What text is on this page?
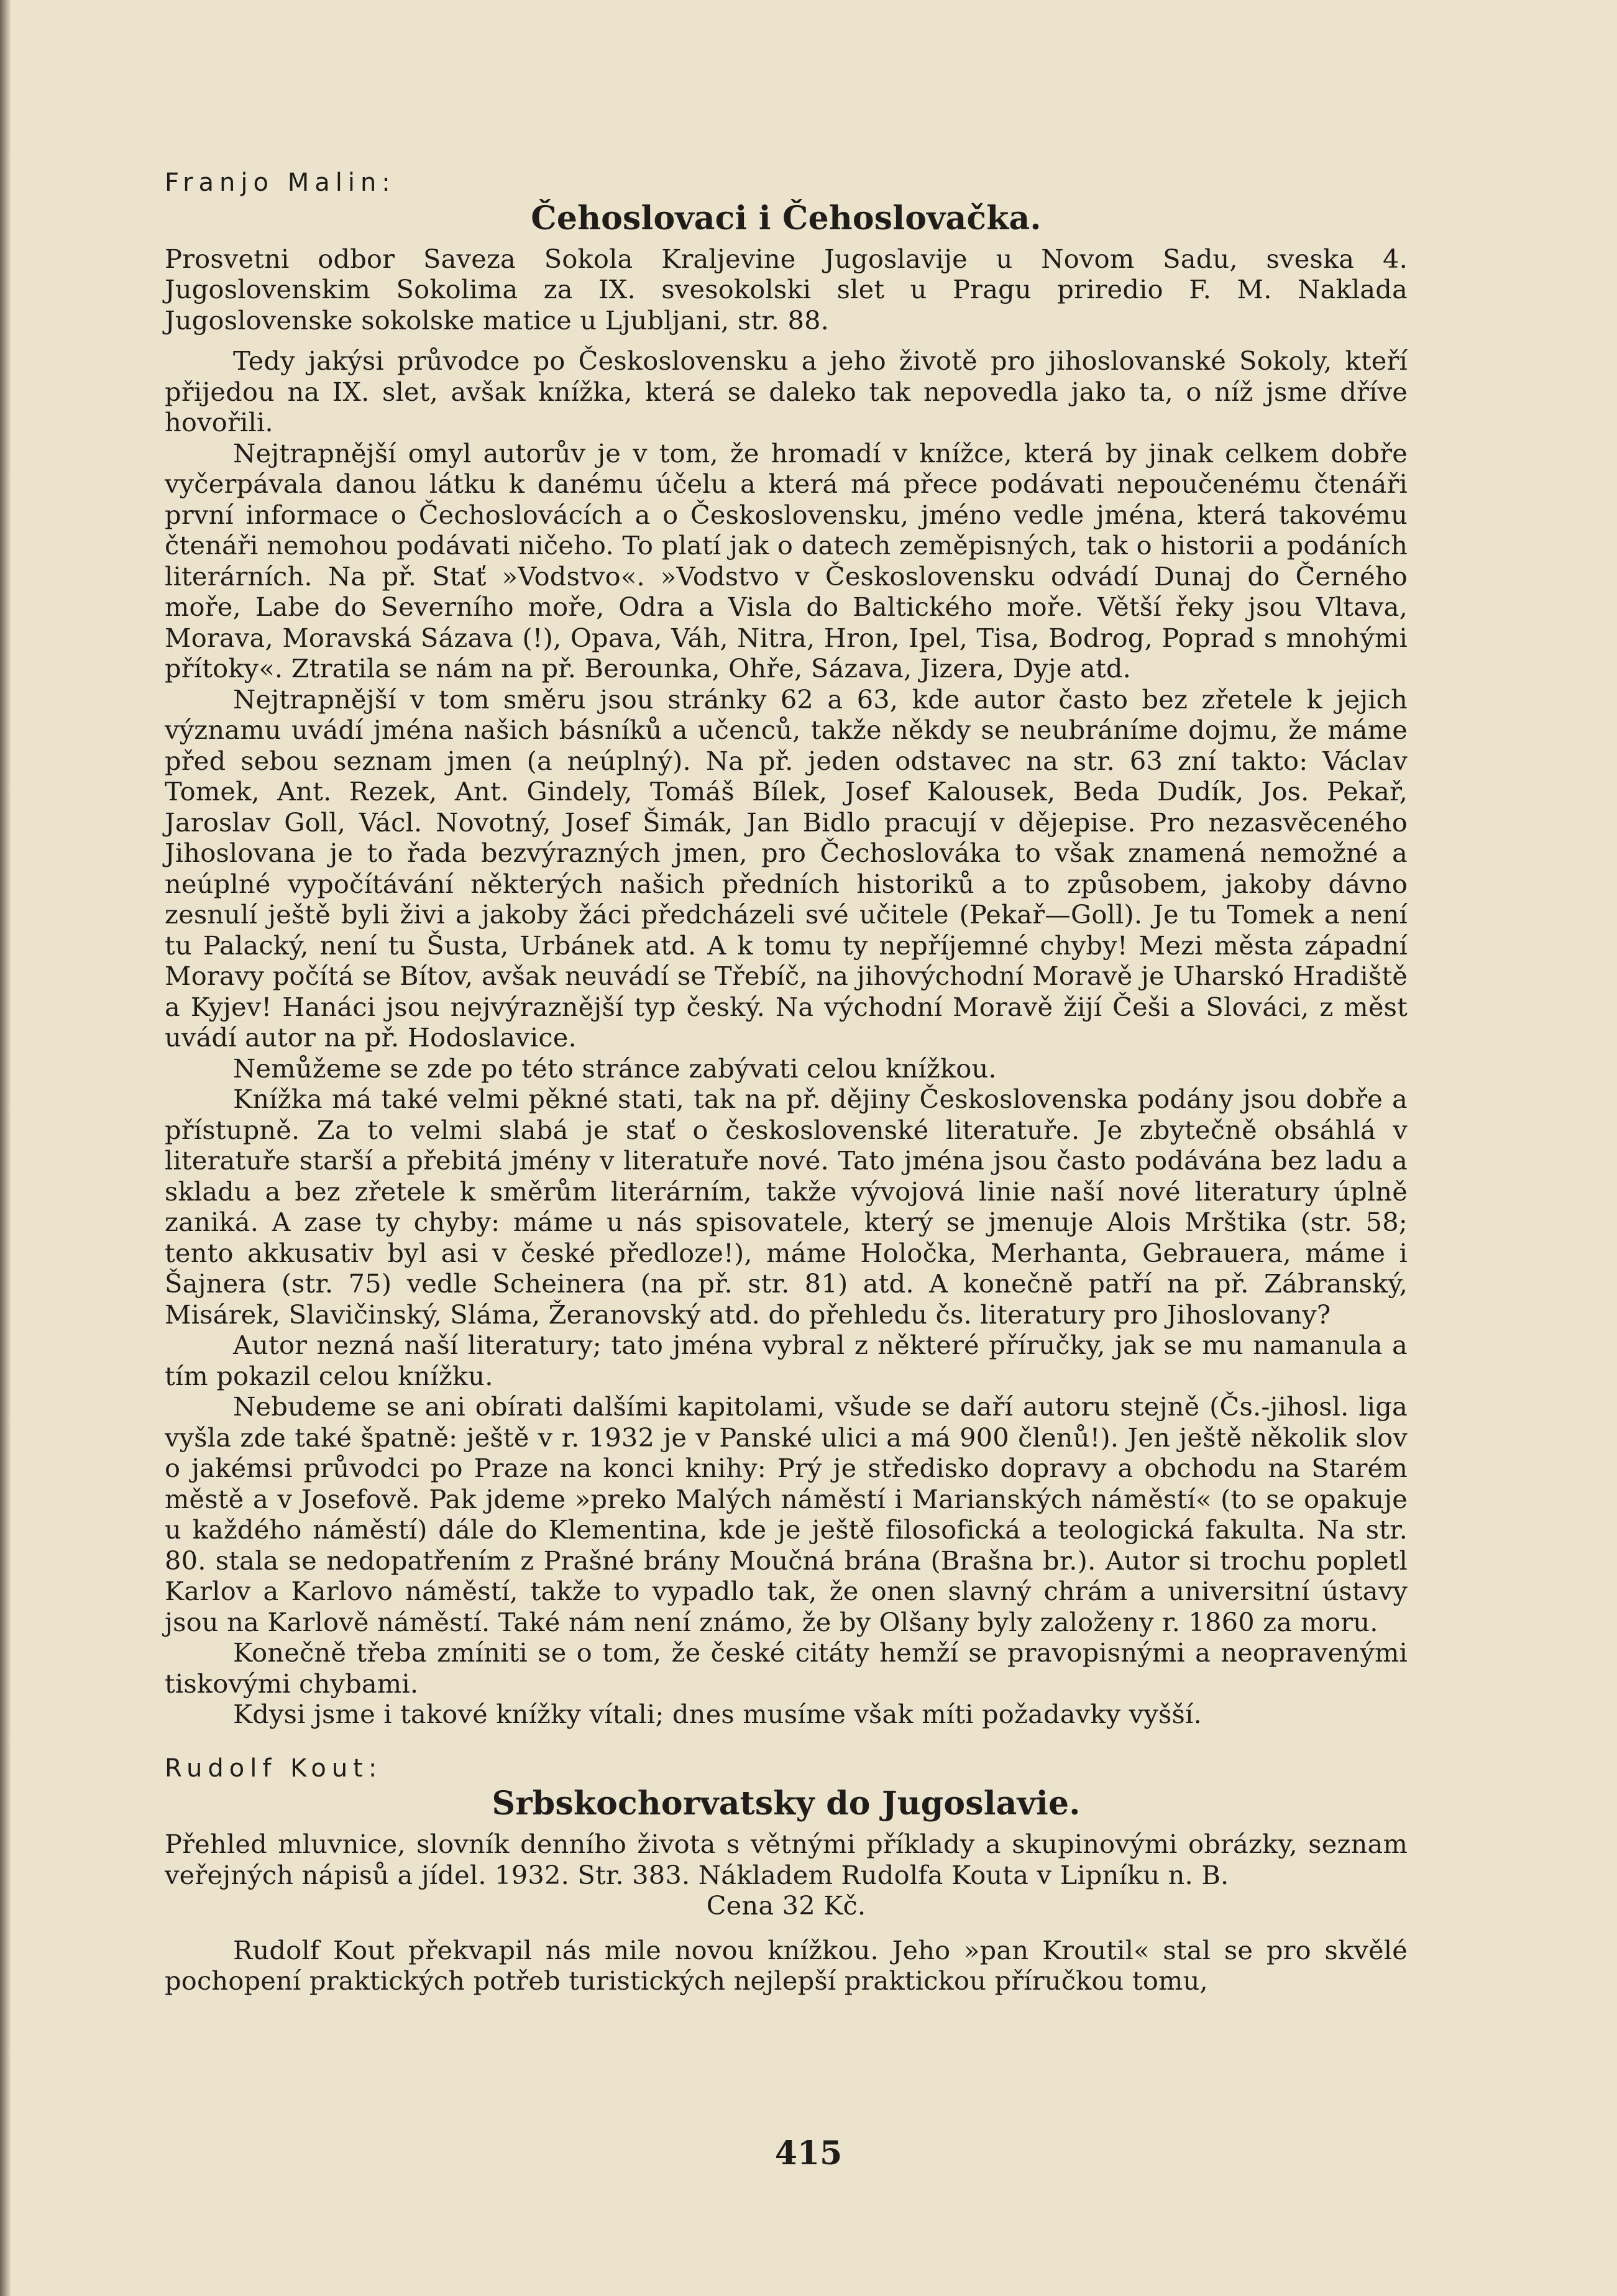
Franjo Malin:
Čehoslovaci i Čehoslovačka.

Prosvetni odbor Saveza Sokola Kraljevine Jugoslavije u Novom Sadu, sveska 4. Jugoslovenskim Sokolima za IX. svesokolski slet u Pragu priredio F. M. Naklada Jugoslovenske sokolske matice u Ljubljani, str. 88.

Tedy jakýsi průvodce po Československu a jeho životě pro jihoslovanské Sokoly, kteří přijedou na IX. slet, avšak knížka, která se daleko tak nepovedla jako ta, o níž jsme dříve hovořili.

Nejtrapnější omyl autorův je v tom, že hromadí v knížce, která by jinak celkem dobře vyčerpávala danou látku k danému účelu a která má přece podávati nepoučenému čtenáři první informace o Čechoslovácích a o Československu, jméno vedle jména, která takovému čtenáři nemohou podávati ničeho. To platí jak o datech zeměpisných, tak o historii a podáních literárních. Na př. Stať »Vodstvo«. »Vodstvo v Československu odvádí Dunaj do Černého moře, Labe do Severního moře, Odra a Visla do Baltického moře. Větší řeky jsou Vltava, Morava, Moravská Sázava (!), Opava, Váh, Nitra, Hron, Ipel, Tisa, Bodrog, Poprad s mnohými přítoky«. Ztratila se nám na př. Berounka, Ohře, Sázava, Jizera, Dyje atd.

Nejtrapnější v tom směru jsou stránky 62 a 63, kde autor často bez zřetele k jejich významu uvádí jména našich básníků a učenců, takže někdy se neubráníme dojmu, že máme před sebou seznam jmen (a neúplný). Na př. jeden odstavec na str. 63 zní takto: Václav Tomek, Ant. Rezek, Ant. Gindely, Tomáš Bílek, Josef Kalousek, Beda Dudík, Jos. Pekař, Jaroslav Goll, Václ. Novotný, Josef Šimák, Jan Bidlo pracují v dějepise. Pro nezasvěceného Jihoslovana je to řada bezvýrazných jmen, pro Čechoslováka to však znamená nemožné a neúplné vypočítávání některých našich předních historiků a to způsobem, jakoby dávno zesnulí ještě byli živi a jakoby žáci předcházeli své učitele (Pekař—Goll). Je tu Tomek a není tu Palacký, není tu Šusta, Urbánek atd. A k tomu ty nepříjemné chyby! Mezi města západní Moravy počítá se Bítov, avšak neuvádí se Třebíč, na jihovýchodní Moravě je Uharskó Hradiště a Kyjev! Hanáci jsou nejvýraznější typ český. Na východní Moravě žijí Češi a Slováci, z měst uvádí autor na př. Hodoslavice.

Nemůžeme se zde po této stránce zabývati celou knížkou.

Knížka má také velmi pěkné stati, tak na př. dějiny Československa podány jsou dobře a přístupně. Za to velmi slabá je stať o československé literatuře. Je zbytečně obsáhlá v literatuře starší a přebitá jmény v literatuře nové. Tato jména jsou často podávána bez ladu a skladu a bez zřetele k směrům literárním, takže vývojová linie naší nové literatury úplně zaniká. A zase ty chyby: máme u nás spisovatele, který se jmenuje Alois Mrštika (str. 58; tento akkusativ byl asi v české předloze!), máme Holočka, Merhanta, Gebrauera, máme i Šajnera (str. 75) vedle Scheinera (na př. str. 81) atd. A konečně patří na př. Zábranský, Misárek, Slavičinský, Sláma, Žeranovský atd. do přehledu čs. literatury pro Jihoslovany?

Autor nezná naší literatury; tato jména vybral z některé příručky, jak se mu namanula a tím pokazil celou knížku.

Nebudeme se ani obírati dalšími kapitolami, všude se daří autoru stejně (Čs.-jihosl. liga vyšla zde také špatně: ještě v r. 1932 je v Panské ulici a má 900 členů!). Jen ještě několik slov o jakémsi průvodci po Praze na konci knihy: Prý je střediskо dopravy a obchodu na Starém městě a v Josefově. Pak jdeme »preko Malých náměstí i Marianských náměstí« (to se opakuje u každého náměstí) dále do Klementina, kde je ještě filosofická a teologická fakulta. Na str. 80. stala se nedopatřením z Prašné brány Moučná brána (Brašna br.). Autor si trochu popletl Karlov a Karlovo náměstí, takže to vypadlo tak, že onen slavný chrám a universitní ústavy jsou na Karlově náměstí. Také nám není známo, že by Olšany byly založeny r. 1860 za moru.

Konečně třeba zmíniti se o tom, že české citáty hemží se pravopisnými a neopravenými tiskovými chybami.

Kdysi jsme i takové knížky vítali; dnes musíme však míti požadavky vyšší.

Rudolf Kout:
Srbskochorvatsky do Jugoslavie.

Přehled mluvnice, slovník denního života s větnými příklady a skupinovými obrázky, seznam veřejných nápisů a jídel. 1932. Str. 383. Nákladem Rudolfa Kouta v Lipníku n. B.

Cena 32 Kč.

Rudolf Kout překvapil nás mile novou knížkou. Jeho »pan Kroutil« stal se pro skvělé pochopení praktických potřeb turistických nejlepší praktickou příručkou tomu,

415
